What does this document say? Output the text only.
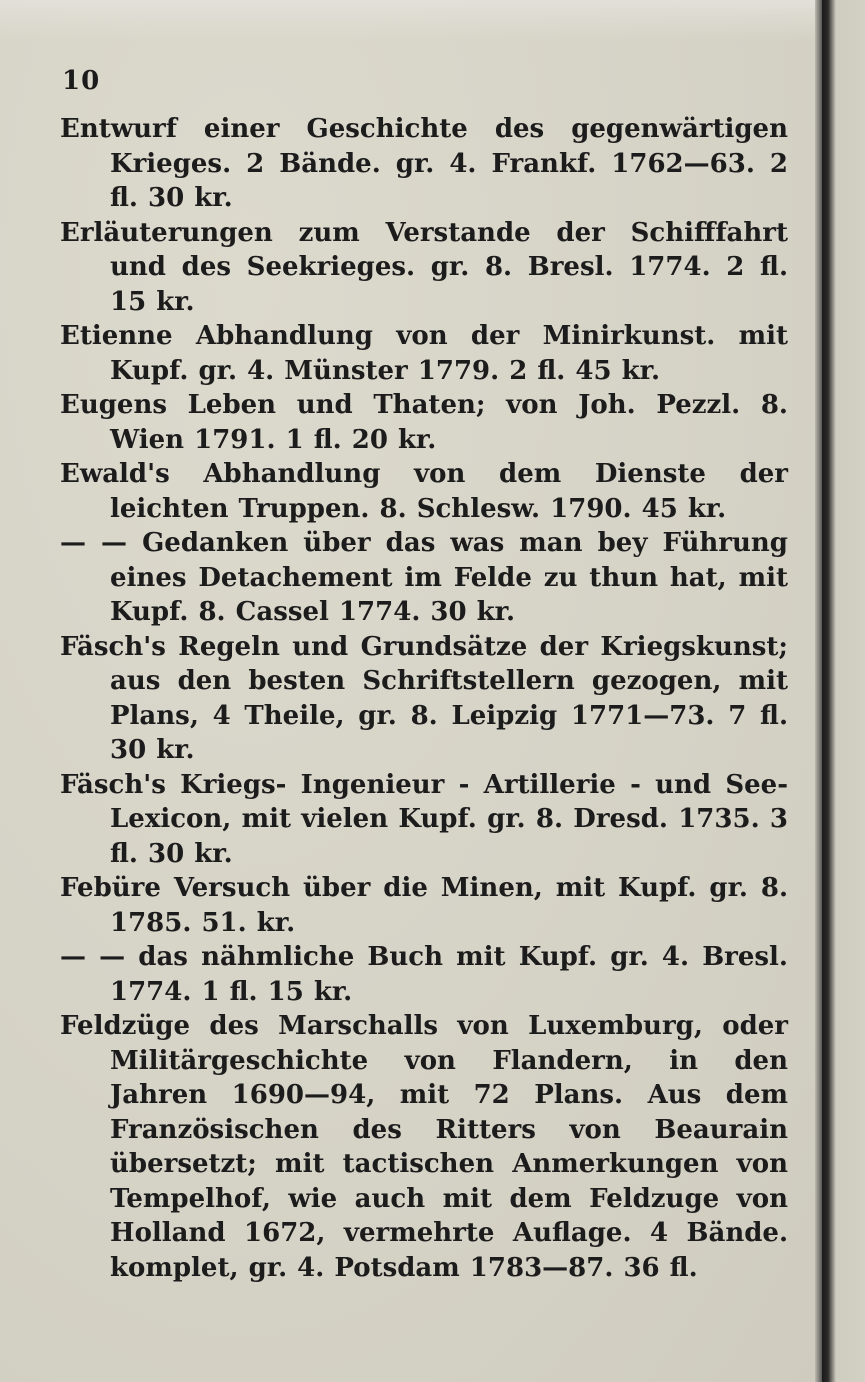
10

Entwurf einer Geschichte des gegenwärtigen Krieges. 2 Bände. gr. 4. Frankf. 1762—63. 2 fl. 30 kr.

Erläuterungen zum Verstande der Schifffahrt und des Seekrieges. gr. 8. Bresl. 1774. 2 fl. 15 kr.

Etienne Abhandlung von der Minirkunst. mit Kupf. gr. 4. Münster 1779. 2 fl. 45 kr.

Eugens Leben und Thaten; von Joh. Pezzl. 8. Wien 1791. 1 fl. 20 kr.

Ewald's Abhandlung von dem Dienste der leichten Truppen. 8. Schlesw. 1790. 45 kr.

— — Gedanken über das was man bey Führung eines Detachement im Felde zu thun hat, mit Kupf. 8. Cassel 1774. 30 kr.

Fäsch's Regeln und Grundsätze der Kriegskunst; aus den besten Schriftstellern gezogen, mit Plans, 4 Theile, gr. 8. Leipzig 1771—73. 7 fl. 30 kr.

Fäsch's Kriegs- Ingenieur - Artillerie - und See- Lexicon, mit vielen Kupf. gr. 8. Dresd. 1735. 3 fl. 30 kr.

Febüre Versuch über die Minen, mit Kupf. gr. 8. 1785. 51. kr.

— — das nähmliche Buch mit Kupf. gr. 4. Bresl. 1774. 1 fl. 15 kr.

Feldzüge des Marschalls von Luxemburg, oder Militärgeschichte von Flandern, in den Jahren 1690—94, mit 72 Plans. Aus dem Französischen des Ritters von Beaurain übersetzt; mit tactischen Anmerkungen von Tempelhof, wie auch mit dem Feldzuge von Holland 1672, vermehrte Auflage. 4 Bände. komplet, gr. 4. Potsdam 1783—87. 36 fl.
